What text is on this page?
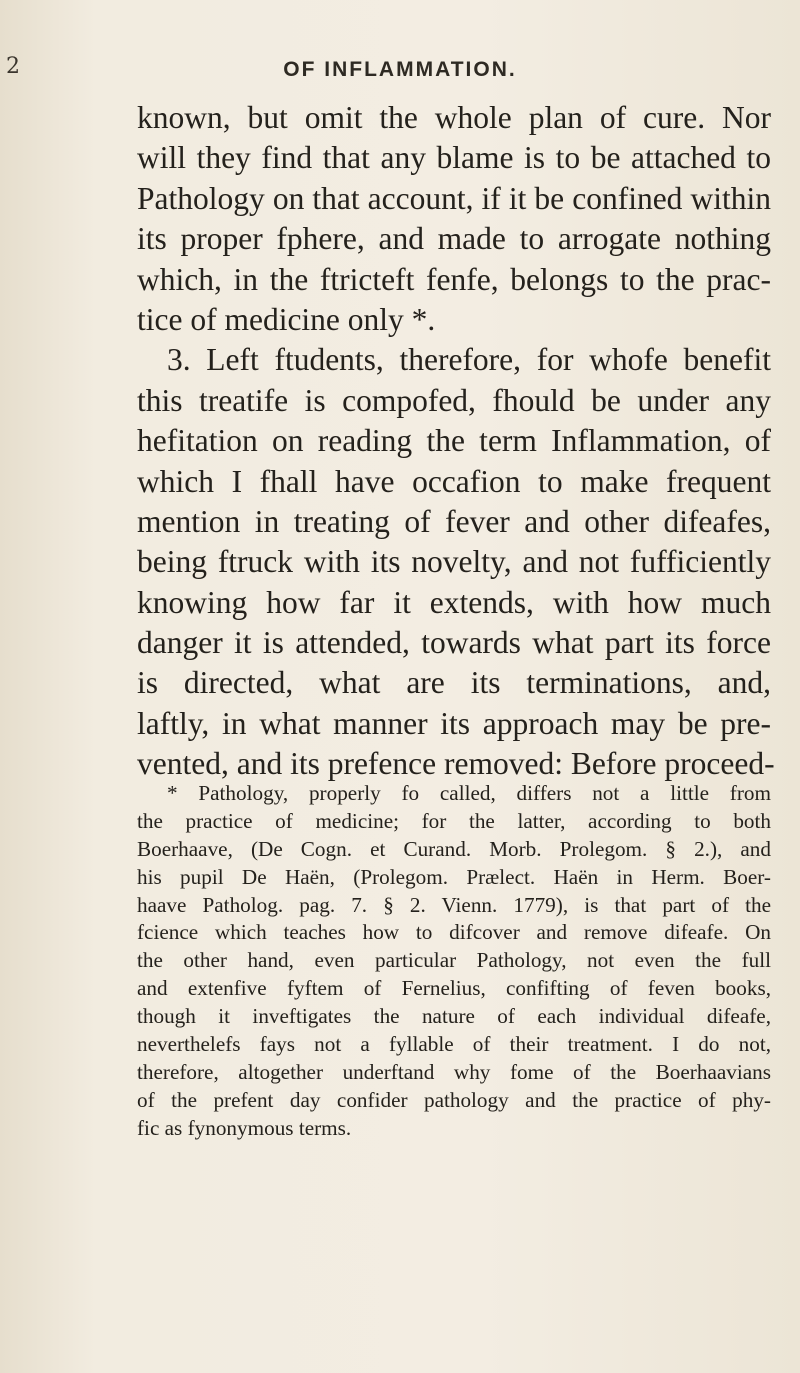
2	OF INFLAMMATION.
known, but omit the whole plan of cure. Nor
will they find that any blame is to be attached to
Pathology on that account, if it be confined within
its proper fphere, and made to arrogate nothing
which, in the ftricteft fenfe, belongs to the prac-
tice of medicine only *.
3. Left ftudents, therefore, for whofe benefit
this treatife is compofed, fhould be under any
hefitation on reading the term Inflammation, of
which I fhall have occafion to make frequent
mention in treating of fever and other difeafes,
being ftruck with its novelty, and not fufficiently
knowing how far it extends, with how much
danger it is attended, towards what part its force
is directed, what are its terminations, and,
laftly, in what manner its approach may be pre-
vented, and its prefence removed: Before proceed-
* Pathology, properly fo called, differs not a little from
the practice of medicine; for the latter, according to both
Boerhaave, (De Cogn. et Curand. Morb. Prolegom. § 2.), and
his pupil De Haën, (Prolegom. Prælect. Haën in Herm. Boer-
haave Patholog. pag. 7. § 2. Vienn. 1779), is that part of the
fcience which teaches how to difcover and remove difeafe. On
the other hand, even particular Pathology, not even the full
and extenfive fyftem of Fernelius, confifting of feven books,
though it inveftigates the nature of each individual difeafe,
neverthelefs fays not a fyllable of their treatment. I do not,
therefore, altogether underftand why fome of the Boerhaavians
of the prefent day confider pathology and the practice of phy-
fic as fynonymous terms.
